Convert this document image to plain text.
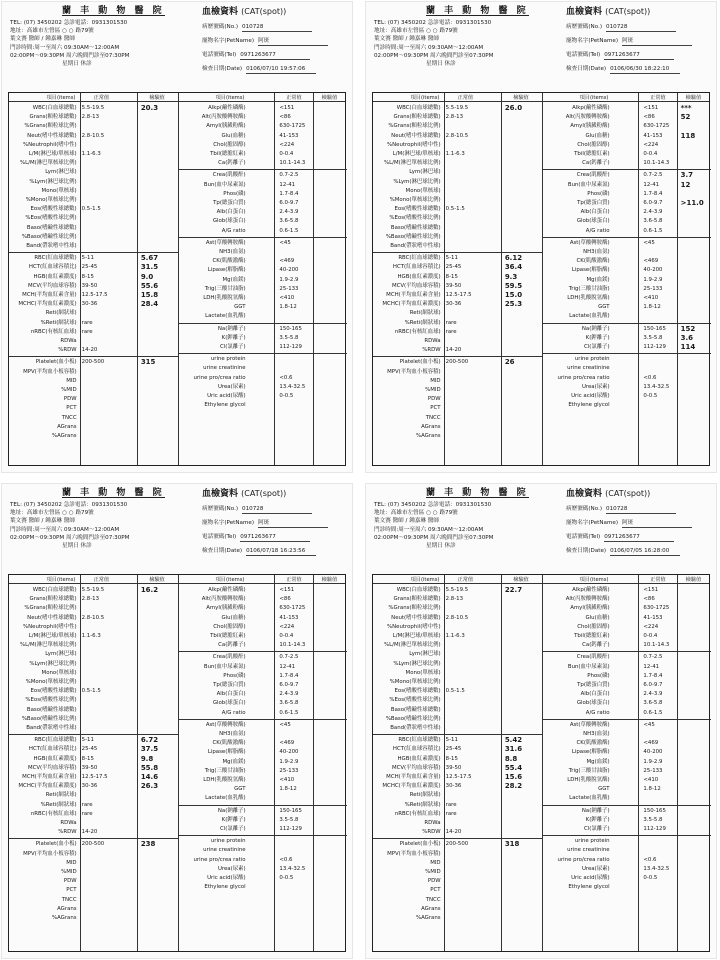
蘭 丰 動 物 醫 院
TEL: (07) 3450202 急診電話：0931301530
地址：高雄市左營區 ○ ○ 路79號
葉文賽 醫師 / 鍾嘉琳 醫師
門診時間:周一至周六 09:30AM～12:00AM
02:00PM～09:30PM 周六晚間門診至07:30PM
星期日 休診
血檢資料 (CAT(spot))
病歷號碼(No.) 010728
寵物名字(PetName) 阿斑
電話號碼(Tel) 0971263677
檢查日期(Date) 0106/07/10 19:57:06
項目(items)	正常值	檢驗值	項目(items)	正常值	檢驗值
WBC(白血球總數) 5.5-19.5	20.3
Grans(顆粒球總數) 2.8-13
%Grans(顆粒球比例)
Neut(嗜中性球總數) 2.8-10.5
%Neutrophil(嗜中性)
L/M(淋巴球/單核球) 1.1-6.3
%L/M(淋巴單核球比例)
Lym(淋巴球)
%Lym(淋巴球比例)
Mono(單核球)
%Mono(單核球比例)
Eos(嗜酸性球總數) 0.5-1.5
%Eos(嗜酸性球比例)
Baso(嗜鹼性球總數)
%Baso(嗜鹼性球比例)
Band(帶狀嗜中性球)
RBC(紅血球總數) 5-11	5.67
HCT(紅血球容積比) 25-45	31.5
HGB(血紅素濃度) 8-15	9.0
MCV(平均血球容積) 39-50	55.6
MCH(平均血紅素含量) 12.5-17.5	15.8
MCHC(平均血紅素濃度) 30-36	28.4
Reti(網狀球)
%Reti(網狀球) rare
nRBC(有核紅血球) rare
RDWa
%RDW 14-20
Platelet(血小板) 200-500	315
MPV(平均血小板容積)
MID
%MID
PDW
PCT
TNCC
AGrans
%AGrans
Alkp(鹼性磷酶)	<151
Alt(丙胺酸轉胺酶)	<86
Amyl(胰澱粉酶)	630-1725
Glu(血糖)	41-153
Chol(膽固醇)	<224
Tbil(總膽紅素)	0-0.4
Ca(鈣離子)	10.1-14.3
Crea(肌酸酐)	0.7-2.5
Bun(血中尿素氮)	12-41
Phos(磷)	1.7-8.4
Tp(總蛋白質)	6.0-9.7
Alb(白蛋白)	2.4-3.9
Glob(球蛋白)	3.6-5.8
A/G ratio	0.6-1.5
Ast(草酸轉胺酶)	<45
NH3(血氨)
CK(肌酸激酶)	<469
Lipase(解脂酶)	40-200
Mg(血鎂)	1.9-2.9
Trig(三酸甘油脂)	25-133
LDH(乳酸脫氫酶)	<410
GGT	1.8-12
Lactate(血乳酸)
Na(鈉離子)	150-165
K(鉀離子)	3.5-5.8
Cl(氯離子)	112-129
urine protein
urine creatinine
urine pro/crea ratio	<0.6
Urea(尿素)	13.4-32.5
Uric acid(尿酸)	0-0.5
Ethylene glycol
蘭 丰 動 物 醫 院
TEL: (07) 3450202 急診電話：0931301530
地址：高雄市左營區 ○ ○ 路79號
葉文賽 醫師 / 鍾嘉琳 醫師
門診時間:周一至周六 09:30AM～12:00AM
02:00PM～09:30PM 周六晚間門診至07:30PM
星期日 休診
血檢資料 (CAT(spot))
病歷號碼(No.) 010728
寵物名字(PetName) 阿斑
電話號碼(Tel) 0971263677
檢查日期(Date) 0106/06/30 18:22:10
項目(items)	正常值	檢驗值	項目(items)	正常值	檢驗值
WBC(白血球總數) 5.5-19.5	26.0
Grans(顆粒球總數) 2.8-13
%Grans(顆粒球比例)
Neut(嗜中性球總數) 2.8-10.5
%Neutrophil(嗜中性)
L/M(淋巴球/單核球) 1.1-6.3
%L/M(淋巴單核球比例)
Lym(淋巴球)
%Lym(淋巴球比例)
Mono(單核球)
%Mono(單核球比例)
Eos(嗜酸性球總數) 0.5-1.5
%Eos(嗜酸性球比例)
Baso(嗜鹼性球總數)
%Baso(嗜鹼性球比例)
Band(帶狀嗜中性球)
RBC(紅血球總數) 5-11	6.12
HCT(紅血球容積比) 25-45	36.4
HGB(血紅素濃度) 8-15	9.3
MCV(平均血球容積) 39-50	59.5
MCH(平均血紅素含量) 12.5-17.5	15.0
MCHC(平均血紅素濃度) 30-36	25.3
Reti(網狀球)
%Reti(網狀球) rare
nRBC(有核紅血球) rare
RDWa
%RDW 14-20
Platelet(血小板) 200-500	26
MPV(平均血小板容積)
MID
%MID
PDW
PCT
TNCC
AGrans
%AGrans
Alkp(鹼性磷酶)	<151	***
Alt(丙胺酸轉胺酶)	<86	52
Amyl(胰澱粉酶)	630-1725
Glu(血糖)	41-153	118
Chol(膽固醇)	<224
Tbil(總膽紅素)	0-0.4
Ca(鈣離子)	10.1-14.3
Crea(肌酸酐)	0.7-2.5	3.7
Bun(血中尿素氮)	12-41	12
Phos(磷)	1.7-8.4
Tp(總蛋白質)	6.0-9.7	>11.0
Alb(白蛋白)	2.4-3.9
Glob(球蛋白)	3.6-5.8
A/G ratio	0.6-1.5
Ast(草酸轉胺酶)	<45
NH3(血氨)
CK(肌酸激酶)	<469
Lipase(解脂酶)	40-200
Mg(血鎂)	1.9-2.9
Trig(三酸甘油脂)	25-133
LDH(乳酸脫氫酶)	<410
GGT	1.8-12
Lactate(血乳酸)
Na(鈉離子)	150-165 152
K(鉀離子)	3.5-5.8	3.6
Cl(氯離子)	112-129 114
urine protein
urine creatinine
urine pro/crea ratio	<0.6
Urea(尿素)	13.4-32.5
Uric acid(尿酸)	0-0.5
Ethylene glycol
蘭 丰 動 物 醫 院
TEL: (07) 3450202 急診電話：0931301530
地址：高雄市左營區 ○ ○ 路79號
葉文賽 醫師 / 鍾嘉琳 醫師
門診時間:周一至周六 09:30AM～12:00AM
02:00PM～09:30PM 周六晚間門診至07:30PM
星期日 休診
血檢資料 (CAT(spot))
病歷號碼(No.) 010728
寵物名字(PetName) 阿斑
電話號碼(Tel) 0971263677
檢查日期(Date) 0106/07/18 16:23:56
項目(items)	正常值	檢驗值	項目(items)	正常值	檢驗值
WBC(白血球總數) 5.5-19.5	16.2
Grans(顆粒球總數) 2.8-13
%Grans(顆粒球比例)
Neut(嗜中性球總數) 2.8-10.5
%Neutrophil(嗜中性)
L/M(淋巴球/單核球) 1.1-6.3
%L/M(淋巴單核球比例)
Lym(淋巴球)
%Lym(淋巴球比例)
Mono(單核球)
%Mono(單核球比例)
Eos(嗜酸性球總數) 0.5-1.5
%Eos(嗜酸性球比例)
Baso(嗜鹼性球總數)
%Baso(嗜鹼性球比例)
Band(帶狀嗜中性球)
RBC(紅血球總數) 5-11	6.72
HCT(紅血球容積比) 25-45	37.5
HGB(血紅素濃度) 8-15	9.8
MCV(平均血球容積) 39-50	55.8
MCH(平均血紅素含量) 12.5-17.5	14.6
MCHC(平均血紅素濃度) 30-36	26.3
Reti(網狀球)
%Reti(網狀球) rare
nRBC(有核紅血球) rare
RDWa
%RDW 14-20
Platelet(血小板) 200-500	238
MPV(平均血小板容積)
MID
%MID
PDW
PCT
TNCC
AGrans
%AGrans
Alkp(鹼性磷酶)	<151
Alt(丙胺酸轉胺酶)	<86
Amyl(胰澱粉酶)	630-1725
Glu(血糖)	41-153
Chol(膽固醇)	<224
Tbil(總膽紅素)	0-0.4
Ca(鈣離子)	10.1-14.3
Crea(肌酸酐)	0.7-2.5
Bun(血中尿素氮)	12-41
Phos(磷)	1.7-8.4
Tp(總蛋白質)	6.0-9.7
Alb(白蛋白)	2.4-3.9
Glob(球蛋白)	3.6-5.8
A/G ratio	0.6-1.5
Ast(草酸轉胺酶)	<45
NH3(血氨)
CK(肌酸激酶)	<469
Lipase(解脂酶)	40-200
Mg(血鎂)	1.9-2.9
Trig(三酸甘油脂)	25-133
LDH(乳酸脫氫酶)	<410
GGT	1.8-12
Lactate(血乳酸)
Na(鈉離子)	150-165
K(鉀離子)	3.5-5.8
Cl(氯離子)	112-129
urine protein
urine creatinine
urine pro/crea ratio	<0.6
Urea(尿素)	13.4-32.5
Uric acid(尿酸)	0-0.5
Ethylene glycol
蘭 丰 動 物 醫 院
TEL: (07) 3450202 急診電話：0931301530
地址：高雄市左營區 ○ ○ 路79號
葉文賽 醫師 / 鍾嘉琳 醫師
門診時間:周一至周六 09:30AM～12:00AM
02:00PM～09:30PM 周六晚間門診至07:30PM
星期日 休診
血檢資料 (CAT(spot))
病歷號碼(No.) 010728
寵物名字(PetName) 阿斑
電話號碼(Tel) 0971263677
檢查日期(Date) 0106/07/05 16:28:00
項目(items)	正常值	檢驗值	項目(items)	正常值	檢驗值
WBC(白血球總數) 5.5-19.5	22.7
Grans(顆粒球總數) 2.8-13
%Grans(顆粒球比例)
Neut(嗜中性球總數) 2.8-10.5
%Neutrophil(嗜中性)
L/M(淋巴球/單核球) 1.1-6.3
%L/M(淋巴單核球比例)
Lym(淋巴球)
%Lym(淋巴球比例)
Mono(單核球)
%Mono(單核球比例)
Eos(嗜酸性球總數) 0.5-1.5
%Eos(嗜酸性球比例)
Baso(嗜鹼性球總數)
%Baso(嗜鹼性球比例)
Band(帶狀嗜中性球)
RBC(紅血球總數) 5-11	5.42
HCT(紅血球容積比) 25-45	31.6
HGB(血紅素濃度) 8-15	8.8
MCV(平均血球容積) 39-50	55.4
MCH(平均血紅素含量) 12.5-17.5	15.6
MCHC(平均血紅素濃度) 30-36	28.2
Reti(網狀球)
%Reti(網狀球) rare
nRBC(有核紅血球) rare
RDWa
%RDW 14-20
Platelet(血小板) 200-500	318
MPV(平均血小板容積)
MID
%MID
PDW
PCT
TNCC
AGrans
%AGrans
Alkp(鹼性磷酶)	<151
Alt(丙胺酸轉胺酶)	<86
Amyl(胰澱粉酶)	630-1725
Glu(血糖)	41-153
Chol(膽固醇)	<224
Tbil(總膽紅素)	0-0.4
Ca(鈣離子)	10.1-14.3
Crea(肌酸酐)	0.7-2.5
Bun(血中尿素氮)	12-41
Phos(磷)	1.7-8.4
Tp(總蛋白質)	6.0-9.7
Alb(白蛋白)	2.4-3.9
Glob(球蛋白)	3.6-5.8
A/G ratio	0.6-1.5
Ast(草酸轉胺酶)	<45
NH3(血氨)
CK(肌酸激酶)	<469
Lipase(解脂酶)	40-200
Mg(血鎂)	1.9-2.9
Trig(三酸甘油脂)	25-133
LDH(乳酸脫氫酶)	<410
GGT	1.8-12
Lactate(血乳酸)
Na(鈉離子)	150-165
K(鉀離子)	3.5-5.8
Cl(氯離子)	112-129
urine protein
urine creatinine
urine pro/crea ratio	<0.6
Urea(尿素)	13.4-32.5
Uric acid(尿酸)	0-0.5
Ethylene glycol
